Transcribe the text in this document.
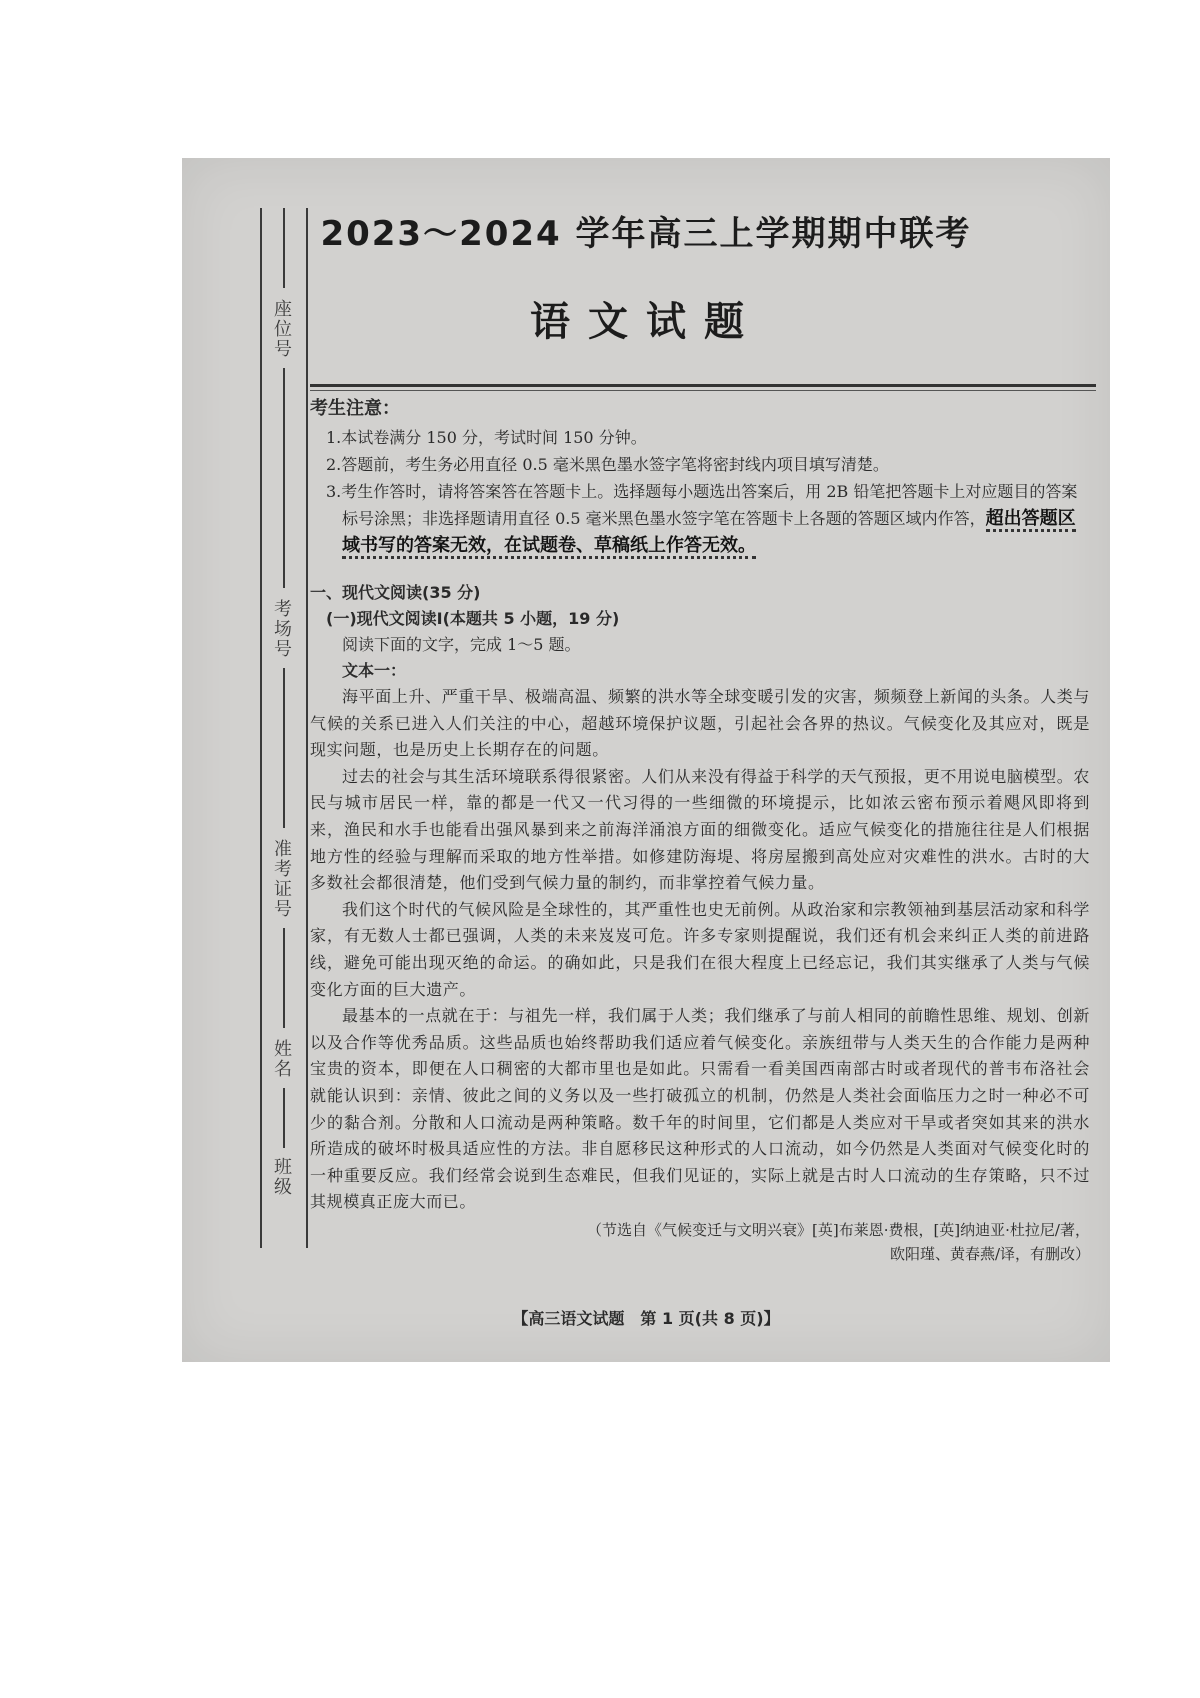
座位号
考场号
准考证号
姓名
班级
2023～2024 学年高三上学期期中联考
语文试题
考生注意：
1.本试卷满分 150 分，考试时间 150 分钟。
2.答题前，考生务必用直径 0.5 毫米黑色墨水签字笔将密封线内项目填写清楚。
3.考生作答时，请将答案答在答题卡上。选择题每小题选出答案后，用 2B 铅笔把答题卡上对应题目的答案标号涂黑；非选择题请用直径 0.5 毫米黑色墨水签字笔在答题卡上各题的答题区域内作答，超出答题区域书写的答案无效，在试题卷、草稿纸上作答无效。
一、现代文阅读(35 分)
(一)现代文阅读Ⅰ(本题共 5 小题，19 分)
阅读下面的文字，完成 1～5 题。
文本一：

海平面上升、严重干旱、极端高温、频繁的洪水等全球变暖引发的灾害，频频登上新闻的头条。人类与气候的关系已进入人们关注的中心，超越环境保护议题，引起社会各界的热议。气候变化及其应对，既是现实问题，也是历史上长期存在的问题。

过去的社会与其生活环境联系得很紧密。人们从来没有得益于科学的天气预报，更不用说电脑模型。农民与城市居民一样，靠的都是一代又一代习得的一些细微的环境提示，比如浓云密布预示着飓风即将到来，渔民和水手也能看出强风暴到来之前海洋涌浪方面的细微变化。适应气候变化的措施往往是人们根据地方性的经验与理解而采取的地方性举措。如修建防海堤、将房屋搬到高处应对灾难性的洪水。古时的大多数社会都很清楚，他们受到气候力量的制约，而非掌控着气候力量。

我们这个时代的气候风险是全球性的，其严重性也史无前例。从政治家和宗教领袖到基层活动家和科学家，有无数人士都已强调，人类的未来岌岌可危。许多专家则提醒说，我们还有机会来纠正人类的前进路线，避免可能出现灭绝的命运。的确如此，只是我们在很大程度上已经忘记，我们其实继承了人类与气候变化方面的巨大遗产。

最基本的一点就在于：与祖先一样，我们属于人类；我们继承了与前人相同的前瞻性思维、规划、创新以及合作等优秀品质。这些品质也始终帮助我们适应着气候变化。亲族纽带与人类天生的合作能力是两种宝贵的资本，即便在人口稠密的大都市里也是如此。只需看一看美国西南部古时或者现代的普韦布洛社会就能认识到：亲情、彼此之间的义务以及一些打破孤立的机制，仍然是人类社会面临压力之时一种必不可少的黏合剂。分散和人口流动是两种策略。数千年的时间里，它们都是人类应对干旱或者突如其来的洪水所造成的破坏时极具适应性的方法。非自愿移民这种形式的人口流动，如今仍然是人类面对气候变化时的一种重要反应。我们经常会说到生态难民，但我们见证的，实际上就是古时人口流动的生存策略，只不过其规模真正庞大而已。

（节选自《气候变迁与文明兴衰》[英]布莱恩·费根，[英]纳迪亚·杜拉尼/著，
欧阳瑾、黄春燕/译，有删改）
【高三语文试题　第 1 页(共 8 页)】
